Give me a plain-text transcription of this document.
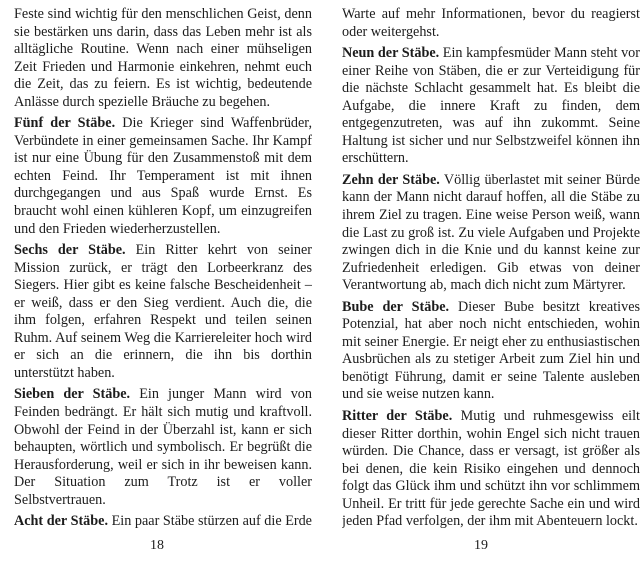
Feste sind wichtig für den menschlichen Geist, denn sie bestärken uns darin, dass das Leben mehr ist als alltägliche Routine. Wenn nach einer mühseligen Zeit Frieden und Harmonie einkehren, nehmt euch die Zeit, das zu feiern. Es ist wichtig, bedeutende Anlässe durch spezielle Bräuche zu begehen.

Fünf der Stäbe. Die Krieger sind Waffenbrüder, Verbündete in einer gemeinsamen Sache. Ihr Kampf ist nur eine Übung für den Zusammenstoß mit dem echten Feind. Ihr Temperament ist mit ihnen durchgegangen und aus Spaß wurde Ernst. Es braucht wohl einen kühleren Kopf, um einzugreifen und den Frieden wiederherzustellen.

Sechs der Stäbe. Ein Ritter kehrt von seiner Mission zurück, er trägt den Lorbeerkranz des Siegers. Hier gibt es keine falsche Bescheidenheit – er weiß, dass er den Sieg verdient. Auch die, die ihm folgen, erfahren Respekt und teilen seinen Ruhm. Auf seinem Weg die Karriereleiter hoch wird er sich an die erinnern, die ihn bis dorthin unterstützt haben.

Sieben der Stäbe. Ein junger Mann wird von Feinden bedrängt. Er hält sich mutig und kraftvoll. Obwohl der Feind in der Überzahl ist, kann er sich behaupten, wörtlich und symbolisch. Er begrüßt die Herausforderung, weil er sich in ihr beweisen kann. Der Situation zum Trotz ist er voller Selbstvertrauen.

Acht der Stäbe. Ein paar Stäbe stürzen auf die Erde

18

Warte auf mehr Informationen, bevor du reagierst oder weitergehst.

Neun der Stäbe. Ein kampfesmüder Mann steht vor einer Reihe von Stäben, die er zur Verteidigung für die nächste Schlacht gesammelt hat. Es bleibt die Aufgabe, die innere Kraft zu finden, dem entgegenzutreten, was auf ihn zukommt. Seine Haltung ist sicher und nur Selbstzweifel können ihn erschüttern.

Zehn der Stäbe. Völlig überlastet mit seiner Bürde kann der Mann nicht darauf hoffen, all die Stäbe zu ihrem Ziel zu tragen. Eine weise Person weiß, wann die Last zu groß ist. Zu viele Aufgaben und Projekte zwingen dich in die Knie und du kannst keine zur Zufriedenheit erledigen. Gib etwas von deiner Verantwortung ab, mach dich nicht zum Märtyrer.

Bube der Stäbe. Dieser Bube besitzt kreatives Potenzial, hat aber noch nicht entschieden, wohin mit seiner Energie. Er neigt eher zu enthusiastischen Ausbrüchen als zu stetiger Arbeit zum Ziel hin und benötigt Führung, damit er seine Talente ausleben und sie weise nutzen kann.

Ritter der Stäbe. Mutig und ruhmesgewiss eilt dieser Ritter dorthin, wohin Engel sich nicht trauen würden. Die Chance, dass er versagt, ist größer als bei denen, die kein Risiko eingehen und dennoch folgt das Glück ihm und schützt ihn vor schlimmem Unheil. Er tritt für jede gerechte Sache ein und wird jeden Pfad verfolgen, der ihm mit Abenteuern lockt.

19
